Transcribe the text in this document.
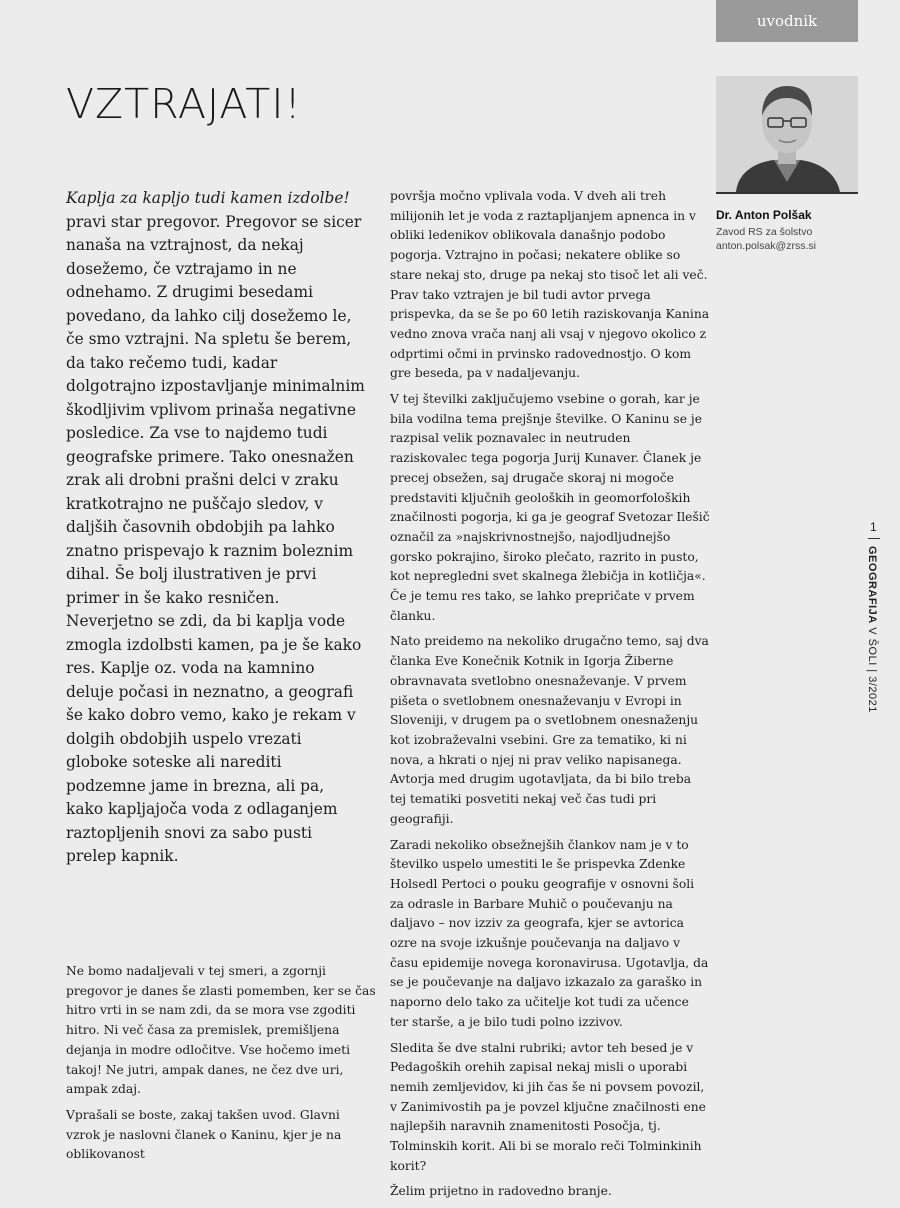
uvodnik
VZTRAJATI!
Dr. Anton Polšak
Zavod RS za šolstvo
anton.polsak@zrss.si

Kaplja za kapljo tudi kamen izdolbe! pravi star pregovor. Pregovor se sicer nanaša na vztrajnost, da nekaj dosežemo, če vztrajamo in ne odnehamo. Z drugimi besedami povedano, da lahko cilj dosežemo le, če smo vztrajni. Na spletu še berem, da tako rečemo tudi, kadar dolgotrajno izpostavljanje minimalnim škodljivim vplivom prinaša negativne posledice. Za vse to najdemo tudi geografske primere. Tako onesnažen zrak ali drobni prašni delci v zraku kratkotrajno ne puščajo sledov, v daljših časovnih obdobjih pa lahko znatno prispevajo k raznim boleznim dihal. Še bolj ilustrativen je prvi primer in še kako resničen. Neverjetno se zdi, da bi kaplja vode zmogla izdolbsti kamen, pa je še kako res. Kaplje oz. voda na kamnino deluje počasi in neznatno, a geografi še kako dobro vemo, kako je rekam v dolgih obdobjih uspelo vrezati globoke soteske ali narediti podzemne jame in brezna, ali pa, kako kapljajoča voda z odlaganjem raztopljenih snovi za sabo pusti prelep kapnik.

Ne bomo nadaljevali v tej smeri, a zgornji pregovor je danes še zlasti pomemben, ker se čas hitro vrti in se nam zdi, da se mora vse zgoditi hitro. Ni več časa za premislek, premišljena dejanja in modre odločitve. Vse hočemo imeti takoj! Ne jutri, ampak danes, ne čez dve uri, ampak zdaj.

Vprašali se boste, zakaj takšen uvod. Glavni vzrok je naslovni članek o Kaninu, kjer je na oblikovanost

površja močno vplivala voda. V dveh ali treh milijonih let je voda z raztapljanjem apnenca in v obliki ledenikov oblikovala današnjo podobo pogorja. Vztrajno in počasi; nekatere oblike so stare nekaj sto, druge pa nekaj sto tisoč let ali več. Prav tako vztrajen je bil tudi avtor prvega prispevka, da se še po 60 letih raziskovanja Kanina vedno znova vrača nanj ali vsaj v njegovo okolico z odprtimi očmi in prvinsko radovednostjo. O kom gre beseda, pa v nadaljevanju.

V tej številki zaključujemo vsebine o gorah, kar je bila vodilna tema prejšnje številke. O Kaninu se je razpisal velik poznavalec in neutruden raziskovalec tega pogorja Jurij Kunaver. Članek je precej obsežen, saj drugače skoraj ni mogoče predstaviti ključnih geoloških in geomorfoloških značilnosti pogorja, ki ga je geograf Svetozar Ilešič označil za »najskrivnostnejšo, najodljudnejšo gorsko pokrajino, široko plečato, razrito in pusto, kot nepregledni svet skalnega žlebičja in kotličja«. Če je temu res tako, se lahko prepričate v prvem članku.

Nato preidemo na nekoliko drugačno temo, saj dva članka Eve Konečnik Kotnik in Igorja Žiberne obravnavata svetlobno onesnaževanje. V prvem pišeta o svetlobnem onesnaževanju v Evropi in Sloveniji, v drugem pa o svetlobnem onesnaženju kot izobraževalni vsebini. Gre za tematiko, ki ni nova, a hkrati o njej ni prav veliko napisanega. Avtorja med drugim ugotavljata, da bi bilo treba tej tematiki posvetiti nekaj več čas tudi pri geografiji.

Zaradi nekoliko obsežnejših člankov nam je v to številko uspelo umestiti le še prispevka Zdenke Holsedl Pertoci o pouku geografije v osnovni šoli za odrasle in Barbare Muhič o poučevanju na daljavo – nov izziv za geografa, kjer se avtorica ozre na svoje izkušnje poučevanja na daljavo v času epidemije novega koronavirusa. Ugotavlja, da se je poučevanje na daljavo izkazalo za garaško in naporno delo tako za učitelje kot tudi za učence ter starše, a je bilo tudi polno izzivov.

Sledita še dve stalni rubriki; avtor teh besed je v Pedagoških orehih zapisal nekaj misli o uporabi nemih zemljevidov, ki jih čas še ni povsem povozil, v Zanimivostih pa je povzel ključne značilnosti ene najlepših naravnih znamenitosti Posočja, tj. Tolminskih korit. Ali bi se moralo reči Tolminkinih korit?

Želim prijetno in radovedno branje.

1
GEOGRAFIJA V ŠOLI | 3/2021
